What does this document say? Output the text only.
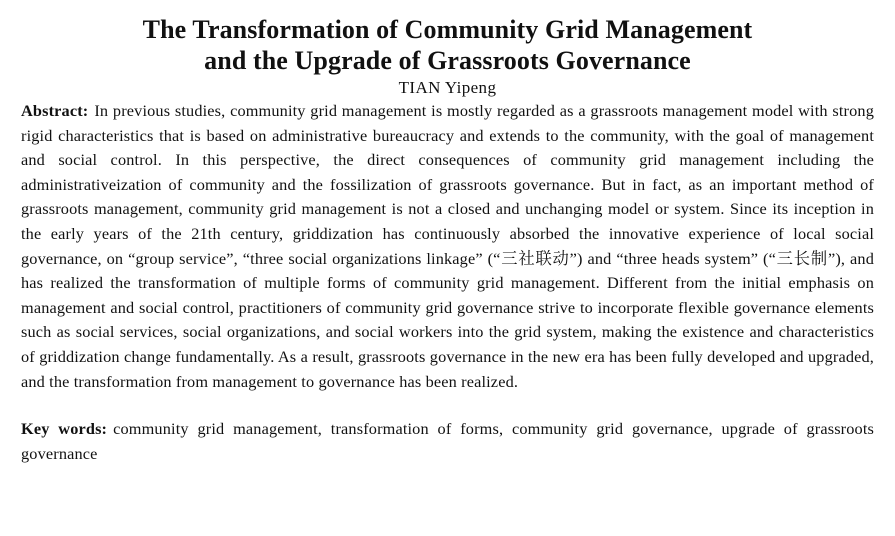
The Transformation of Community Grid Management
and the Upgrade of Grassroots Governance
TIAN Yipeng

Abstract: In previous studies, community grid management is mostly regarded as a grassroots management model with strong rigid characteristics that is based on administrative bureaucracy and extends to the community, with the goal of management and social control. In this perspective, the direct consequences of community grid management including the administrativeization of community and the fossilization of grassroots governance. But in fact, as an important method of grassroots management, community grid management is not a closed and unchanging model or system. Since its inception in the early years of the 21th century, griddization has continuously absorbed the innovative experience of local social governance, on “group service”, “three social organizations linkage” (“三社联动”) and “three heads system” (“三长制”), and has realized the transformation of multiple forms of community grid management. Different from the initial emphasis on management and social control, practitioners of community grid governance strive to incorporate flexible governance elements such as social services, social organizations, and social workers into the grid system, making the existence and characteristics of griddization change fundamentally. As a result, grassroots governance in the new era has been fully developed and upgraded, and the transformation from management to governance has been realized.

Key words: community grid management, transformation of forms, community grid governance, upgrade of grassroots governance
